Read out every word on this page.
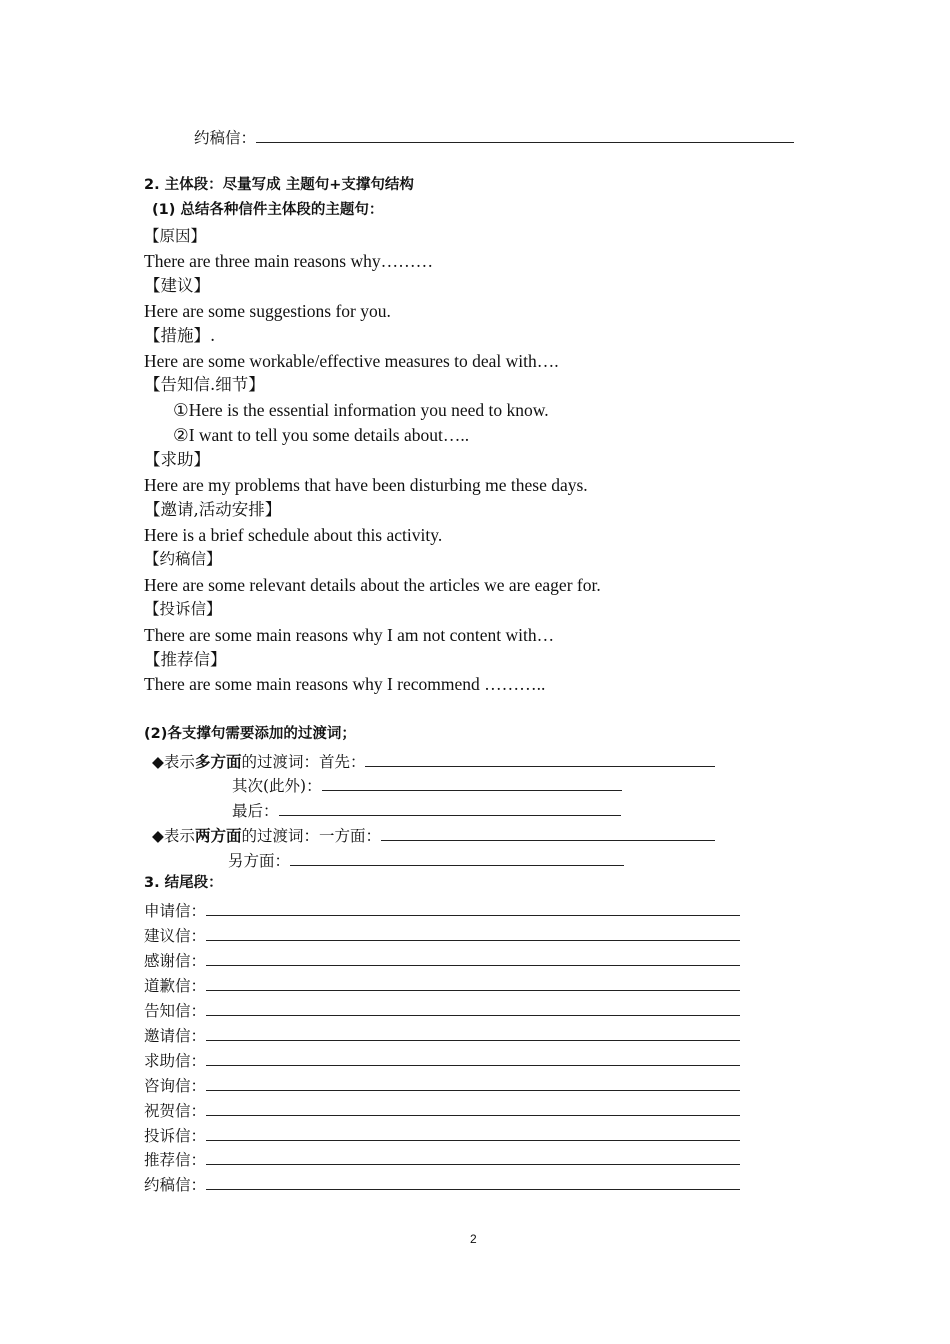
约稿信：
2. 主体段：尽量写成 主题句+支撑句结构
(1) 总结各种信件主体段的主题句：
【原因】
There are three main reasons why………
【建议】
Here are some suggestions for you.
【措施】.
Here are some workable/effective measures to deal with….
【告知信.细节】
①Here is the essential information you need to know.
②I want to tell you some details about…..
【求助】
Here are my problems that have been disturbing me these days.
【邀请,活动安排】
Here is a brief schedule about this activity.
【约稿信】
Here are some relevant details about the articles we are eager for.
【投诉信】
There are some main reasons why I am not content with…
【推荐信】
There are some main reasons why I recommend ………..
(2)各支撑句需要添加的过渡词；
◆表示多方面的过渡词：首先：
其次(此外)：
最后：
◆表示两方面的过渡词：一方面：
另方面：
3. 结尾段：
申请信：
建议信：
感谢信：
道歉信：
告知信：
邀请信：
求助信：
咨询信：
祝贺信：
投诉信：
推荐信：
约稿信：
2
